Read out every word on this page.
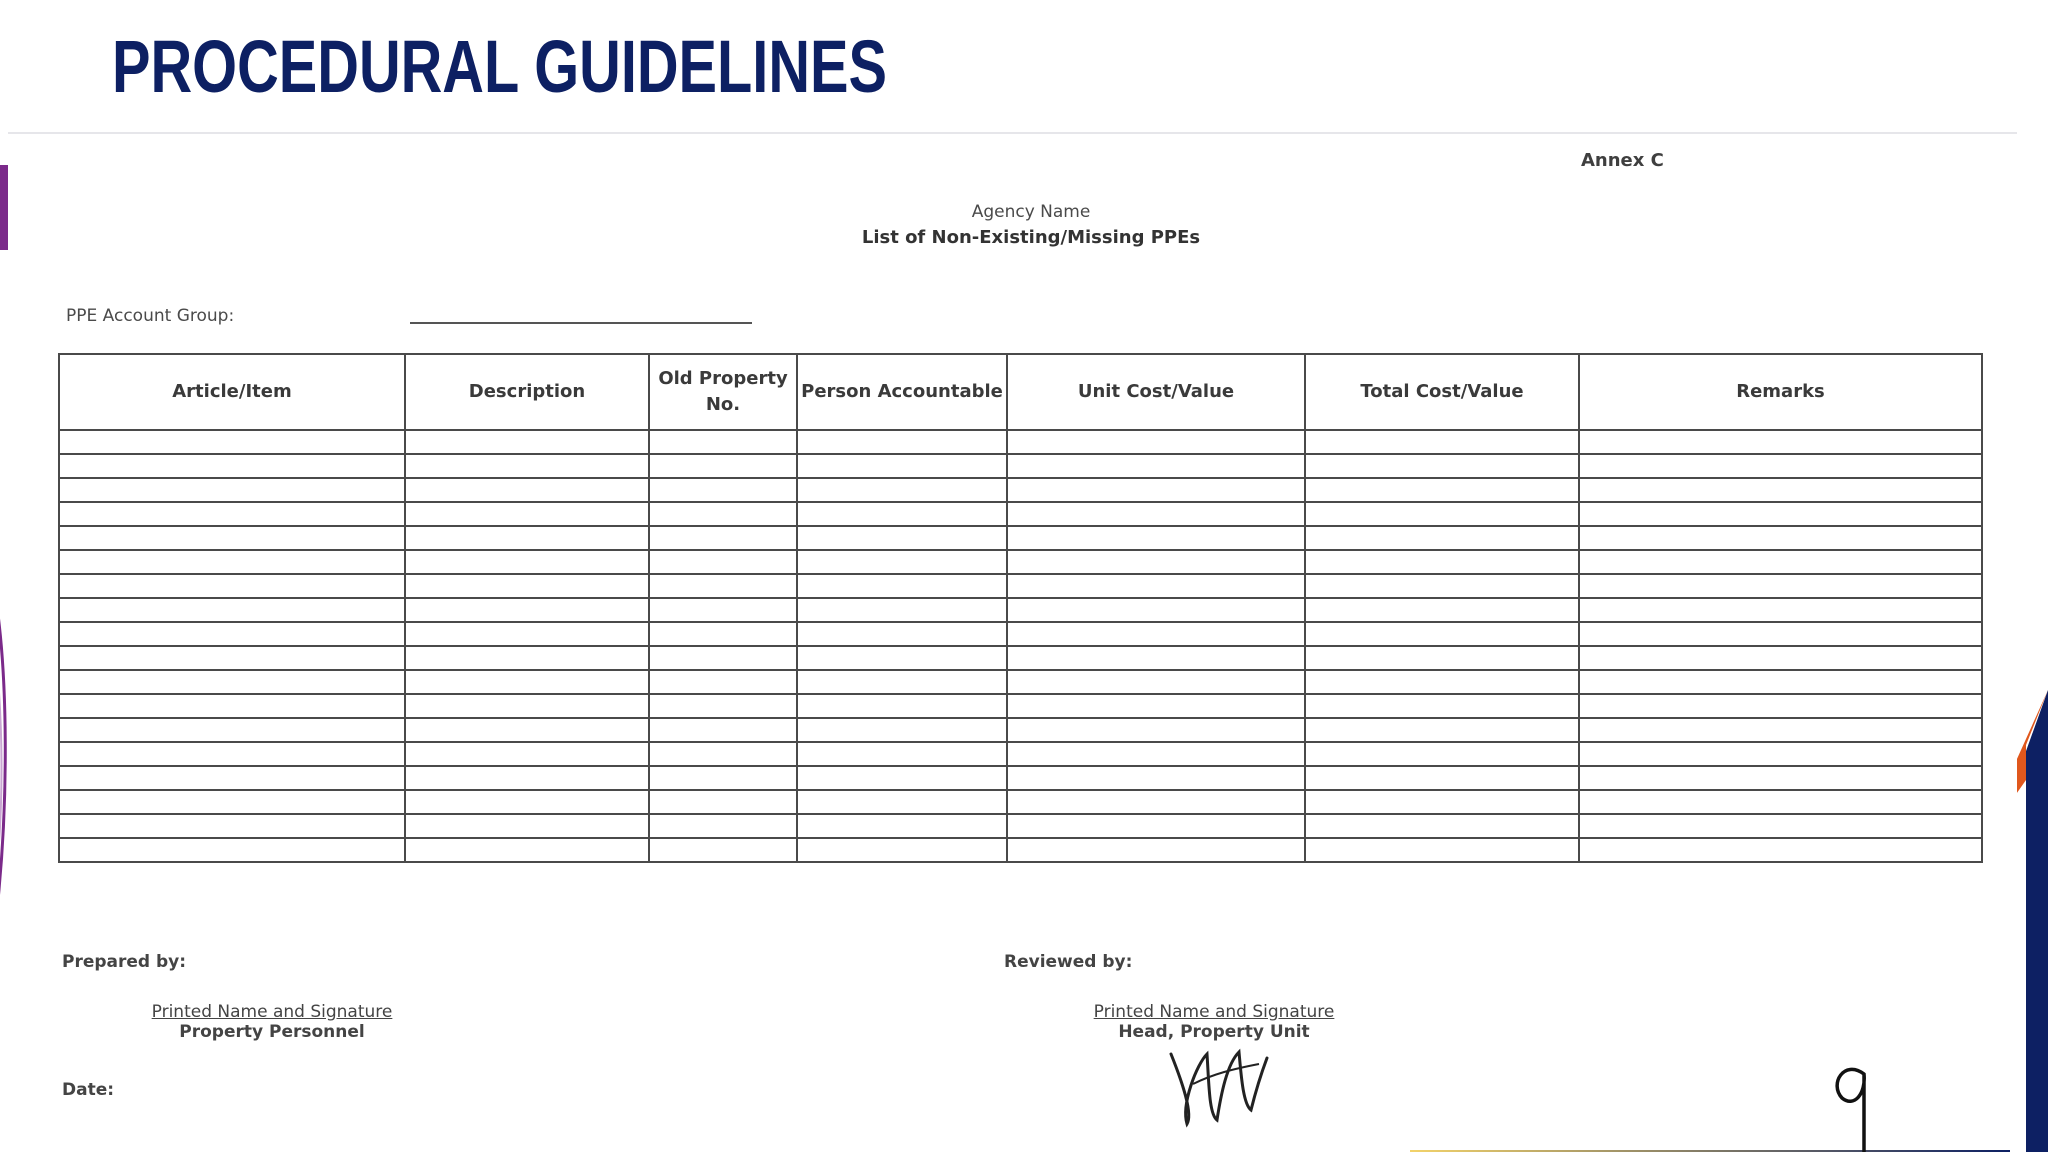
PROCEDURAL GUIDELINES
Annex C
Agency Name
List of Non-Existing/Missing PPEs
PPE Account Group:
Article/Item	Description	Old Property No.	Person Accountable	Unit Cost/Value	Total Cost/Value	Remarks

Prepared by:	Reviewed by:
Printed Name and Signature
Property Personnel
Printed Name and Signature
Head, Property Unit
Date:
